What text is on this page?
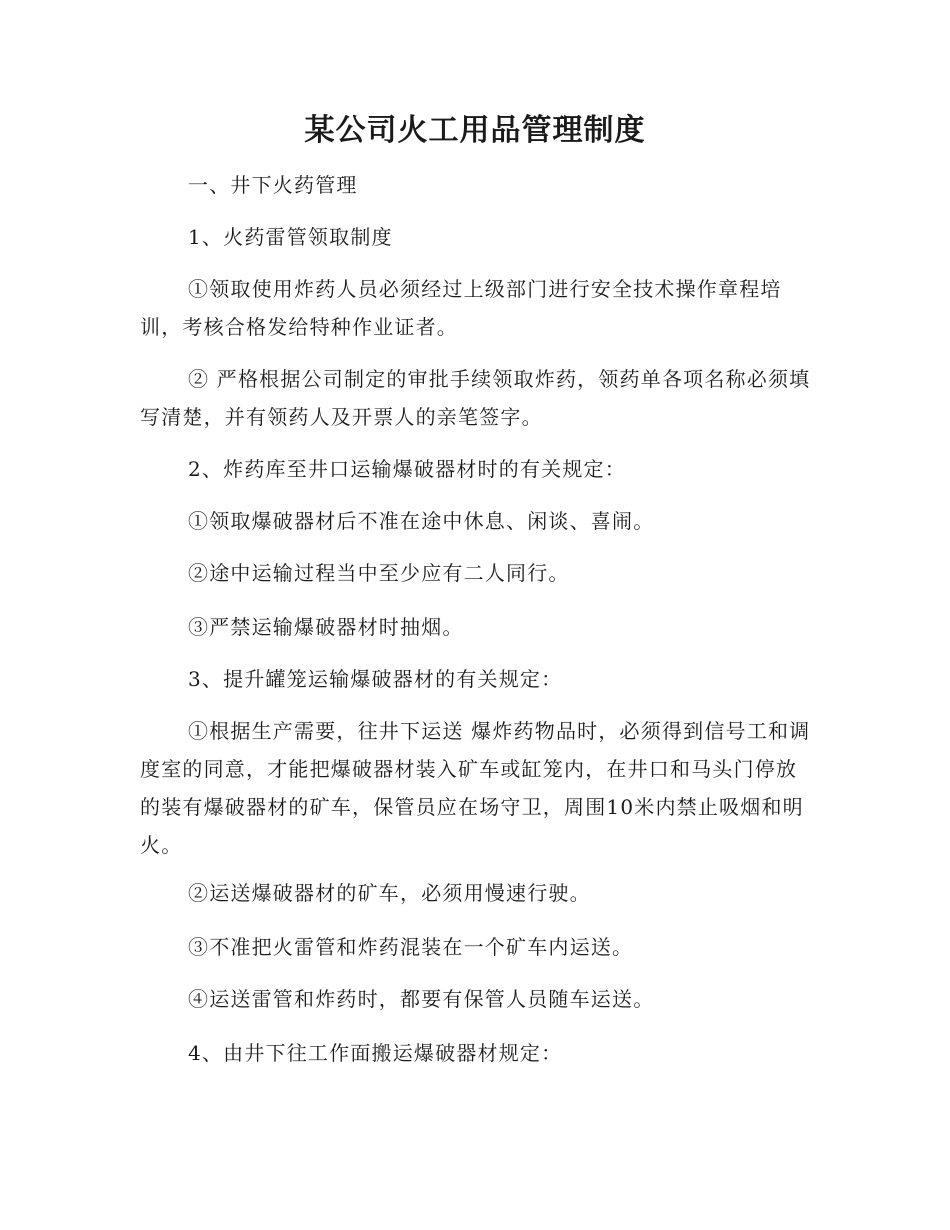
某公司火工用品管理制度

一、井下火药管理

1、火药雷管领取制度

①领取使用炸药人员必须经过上级部门进行安全技术操作章程培训，考核合格发给特种作业证者。

② 严格根据公司制定的审批手续领取炸药，领药单各项名称必须填写清楚，并有领药人及开票人的亲笔签字。

2、炸药库至井口运输爆破器材时的有关规定：

①领取爆破器材后不准在途中休息、闲谈、喜闹。

②途中运输过程当中至少应有二人同行。

③严禁运输爆破器材时抽烟。

3、提升罐笼运输爆破器材的有关规定：

①根据生产需要，往井下运送 爆炸药物品时，必须得到信号工和调度室的同意，才能把爆破器材装入矿车或缸笼内，在井口和马头门停放的装有爆破器材的矿车，保管员应在场守卫，周围10米内禁止吸烟和明火。

②运送爆破器材的矿车，必须用慢速行驶。

③不准把火雷管和炸药混装在一个矿车内运送。

④运送雷管和炸药时，都要有保管人员随车运送。

4、由井下往工作面搬运爆破器材规定：
